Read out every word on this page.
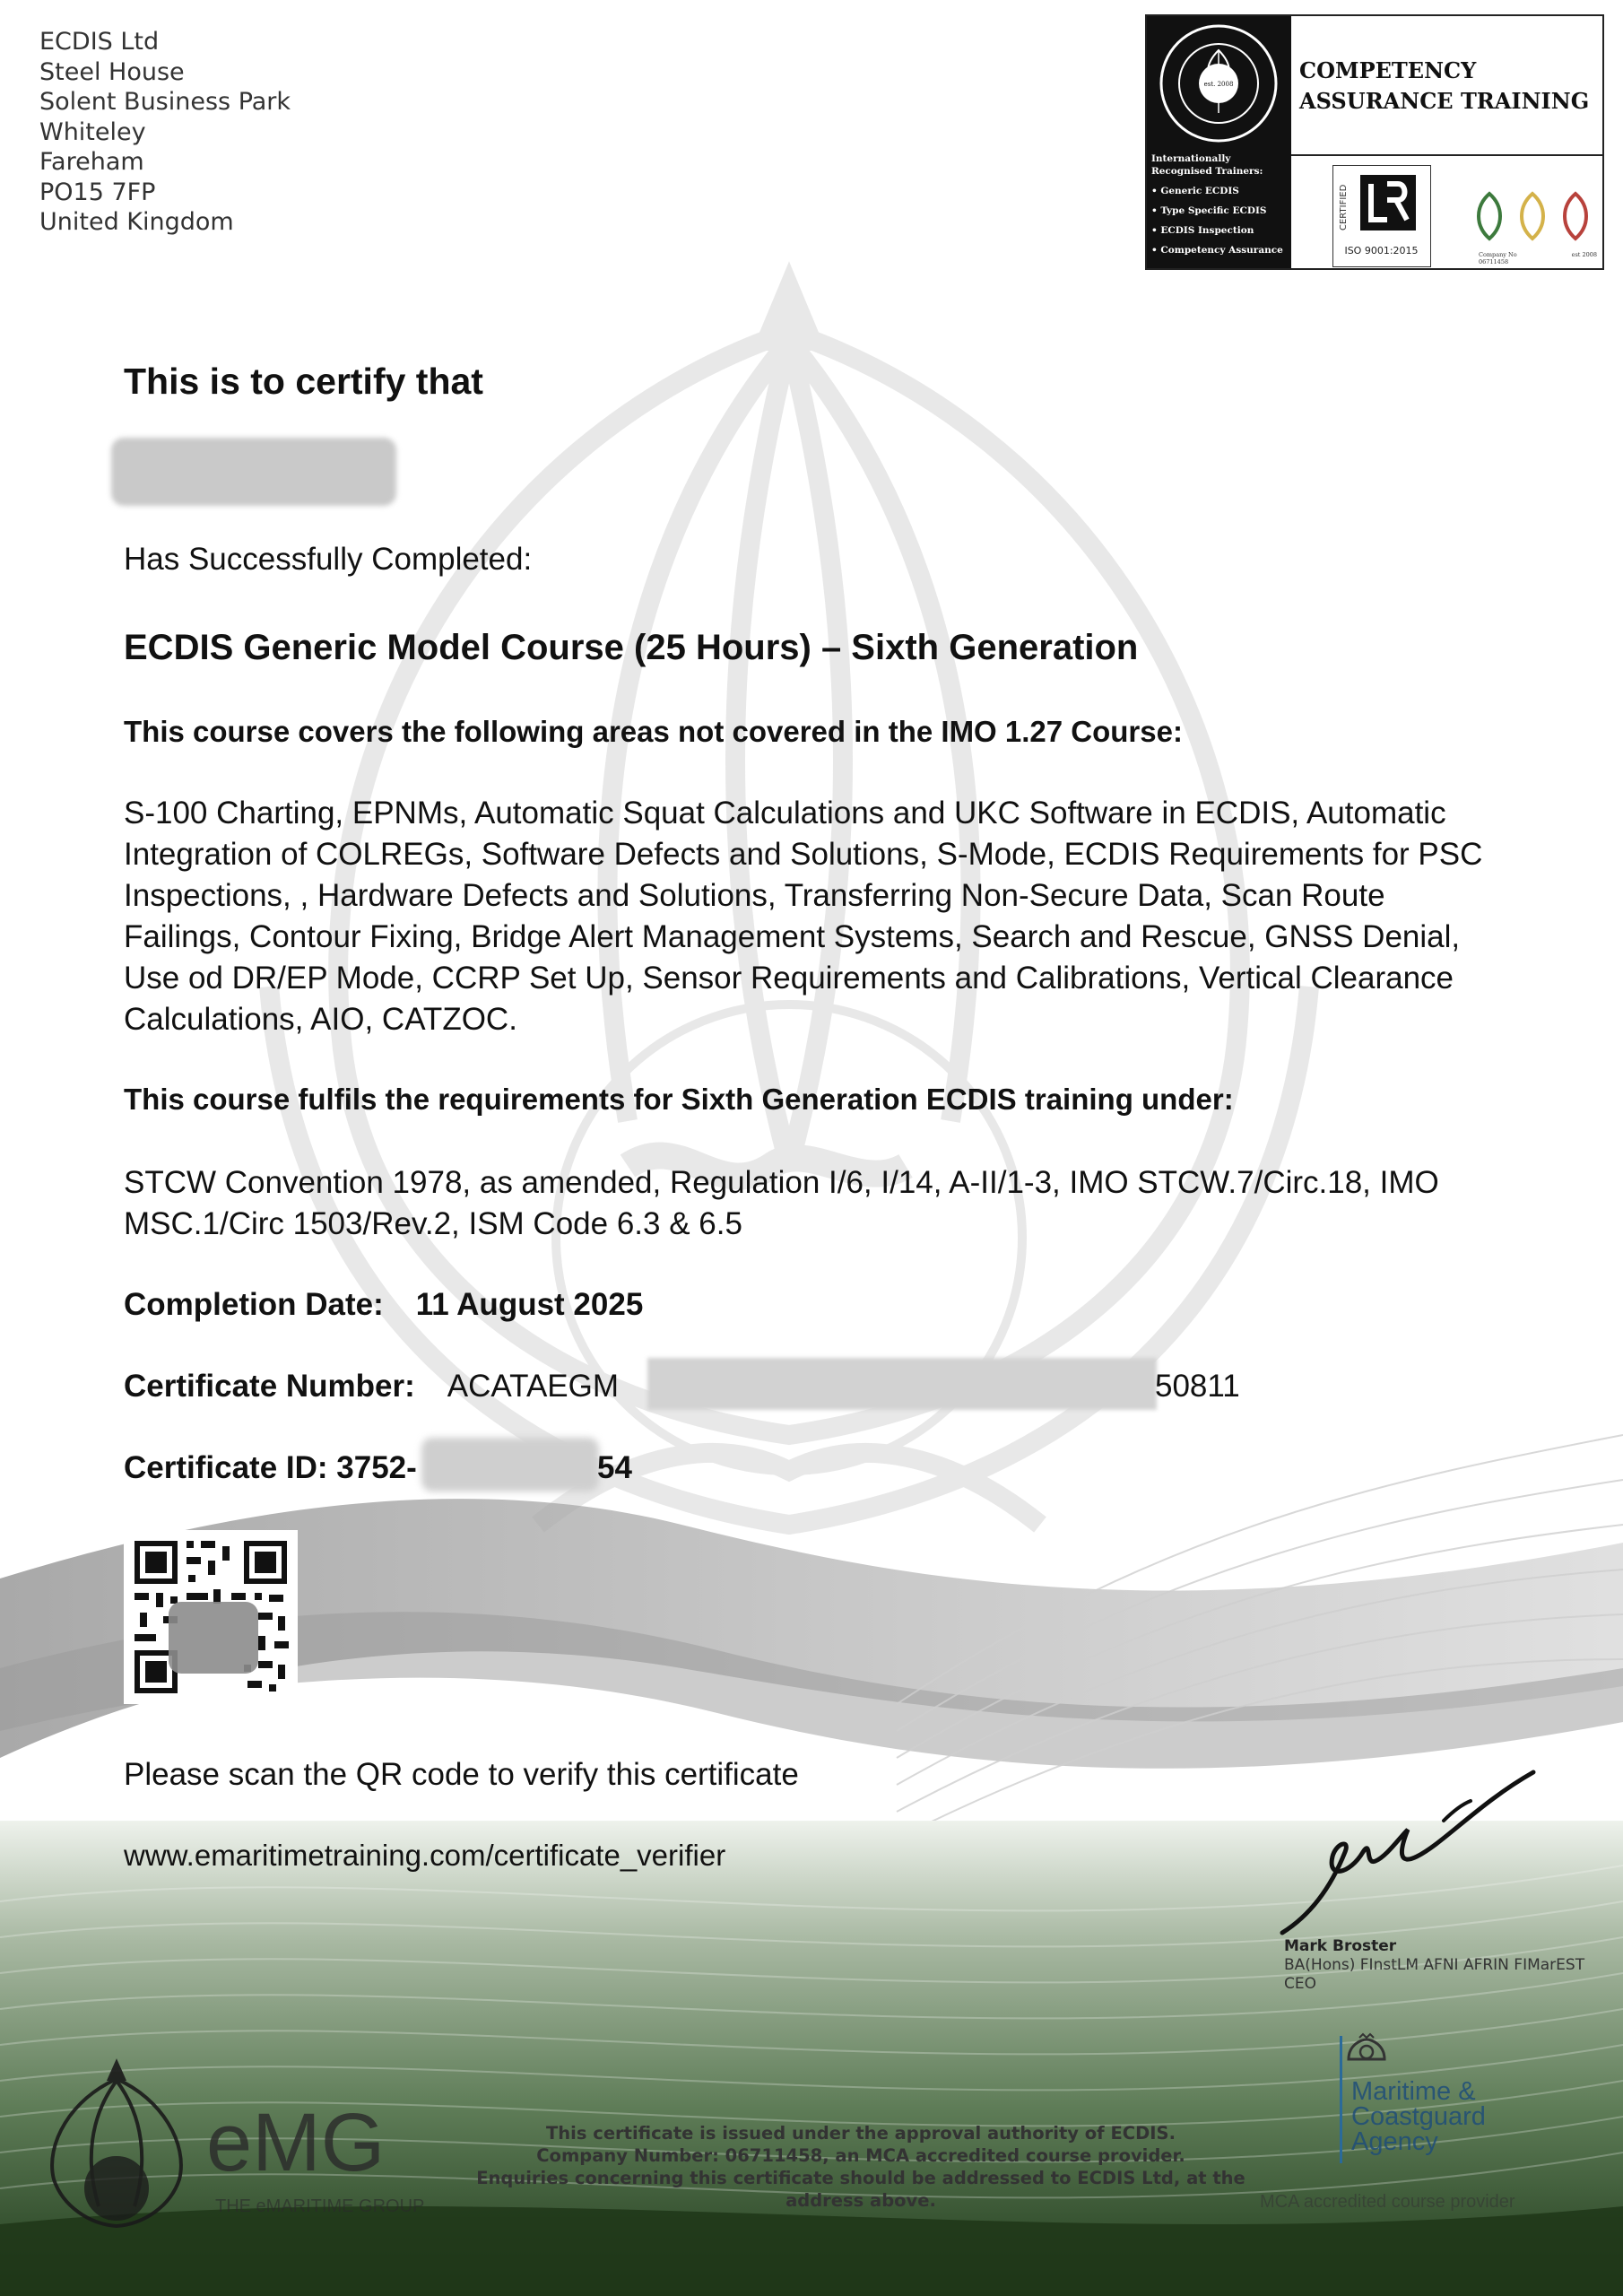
ECDIS Ltd
Steel House
Solent Business Park
Whiteley
Fareham
PO15 7FP
United Kingdom
est. 2008
Internationally Recognised Trainers:
• Generic ECDIS
• Type Specific ECDIS
• ECDIS Inspection
• Competency Assurance
COMPETENCY
ASSURANCE TRAINING
CERTIFIED
ISO 9001:2015	Company No	est 2008

06711458
This is to certify that
Has Successfully Completed:
ECDIS Generic Model Course (25 Hours) – Sixth Generation
This course covers the following areas not covered in the IMO 1.27 Course:
S-100 Charting, EPNMs, Automatic Squat Calculations and UKC Software in ECDIS, Automatic Integration of COLREGs, Software Defects and Solutions, S-Mode, ECDIS Requirements for PSC Inspections, , Hardware Defects and Solutions, Transferring Non-Secure Data, Scan Route Failings, Contour Fixing, Bridge Alert Management Systems, Search and Rescue, GNSS Denial, Use od DR/EP Mode, CCRP Set Up, Sensor Requirements and Calibrations, Vertical Clearance Calculations, AIO, CATZOC.
This course fulfils the requirements for Sixth Generation ECDIS training under:
STCW Convention 1978, as amended, Regulation I/6, I/14, A-II/1-3, IMO STCW.7/Circ.18, IMO MSC.1/Circ 1503/Rev.2, ISM Code 6.3 & 6.5
Completion Date: 11 August 2025
Certificate Number: ACATAEGM	50811
Certificate ID: 3752-	54
Please scan the QR code to verify this certificate
www.emaritimetraining.com/certificate_verifier
Mark Broster
BA(Hons) FInstLM AFNI AFRIN FIMarEST
CEO
Maritime &
Coastguard
Agency
MCA accredited course provider
eMG
THE eMARITIME GROUP
This certificate is issued under the approval authority of ECDIS.
Company Number: 06711458, an MCA accredited course provider.
Enquiries concerning this certificate should be addressed to ECDIS Ltd, at the
address above.
